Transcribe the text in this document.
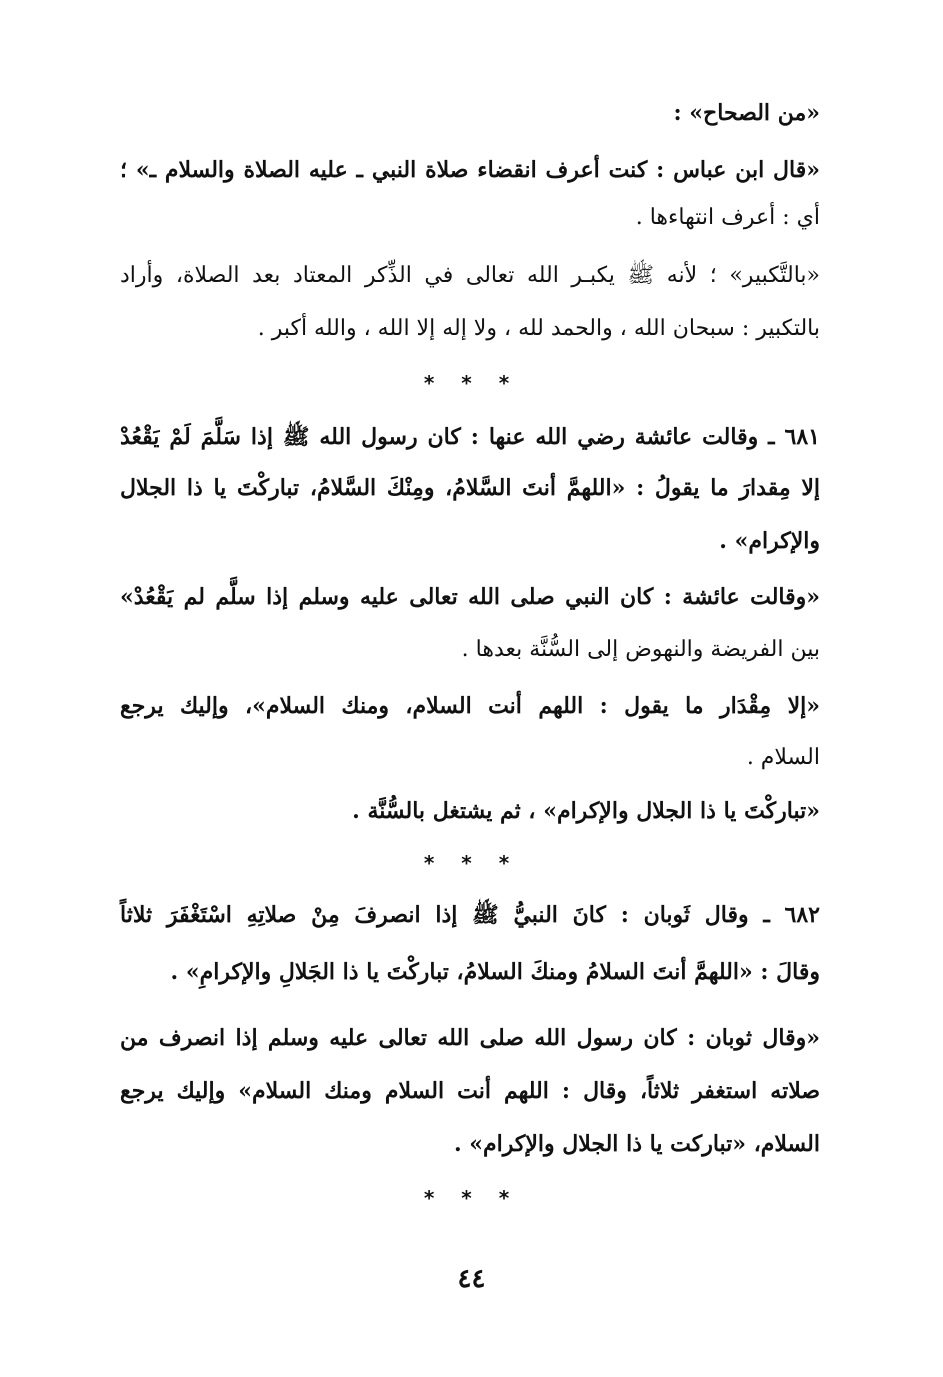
«من الصحاح» :
«قال ابن عباس : كنت أعرف انقضاء صلاة النبي ـ عليه الصلاة والسلام ـ» ؛
أي : أعرف انتهاءها .
«بالتَّكبير» ؛ لأنه ﷺ يكبـر الله تعالى في الذِّكر المعتاد بعد الصلاة، وأراد
بالتكبير : سبحان الله ، والحمد لله ، ولا إله إلا الله ، والله أكبر .
* * *
٦٨١ ـ وقالت عائشة رضي الله عنها : كان رسول الله ﷺ إذا سَلَّمَ لَمْ يَقْعُدْ
إلا مِقدارَ ما يقولُ : «اللهمَّ أنتَ السَّلامُ، ومِنْكَ السَّلامُ، تباركْتَ يا ذا الجلال
والإكرام» .
«وقالت عائشة : كان النبي صلى الله تعالى عليه وسلم إذا سلَّم لم يَقْعُدْ»
بين الفريضة والنهوض إلى السُّنَّة بعدها .
«إلا مِقْدَار ما يقول : اللهم أنت السلام، ومنك السلام»، وإليك يرجع
السلام .
«تباركْتَ يا ذا الجلال والإكرام» ، ثم يشتغل بالسُّنَّة .
* * *
٦٨٢ ـ وقال ثَوبان : كانَ النبيُّ ﷺ إذا انصرفَ مِنْ صلاتِهِ اسْتَغْفَرَ ثلاثاً
وقالَ : «اللهمَّ أنتَ السلامُ ومنكَ السلامُ، تباركْتَ يا ذا الجَلالِ والإكرامِ» .
«وقال ثوبان : كان رسول الله صلى الله تعالى عليه وسلم إذا انصرف من
صلاته استغفر ثلاثاً، وقال : اللهم أنت السلام ومنك السلام» وإليك يرجع
السلام، «تباركت يا ذا الجلال والإكرام» .
* * *
٤٤
